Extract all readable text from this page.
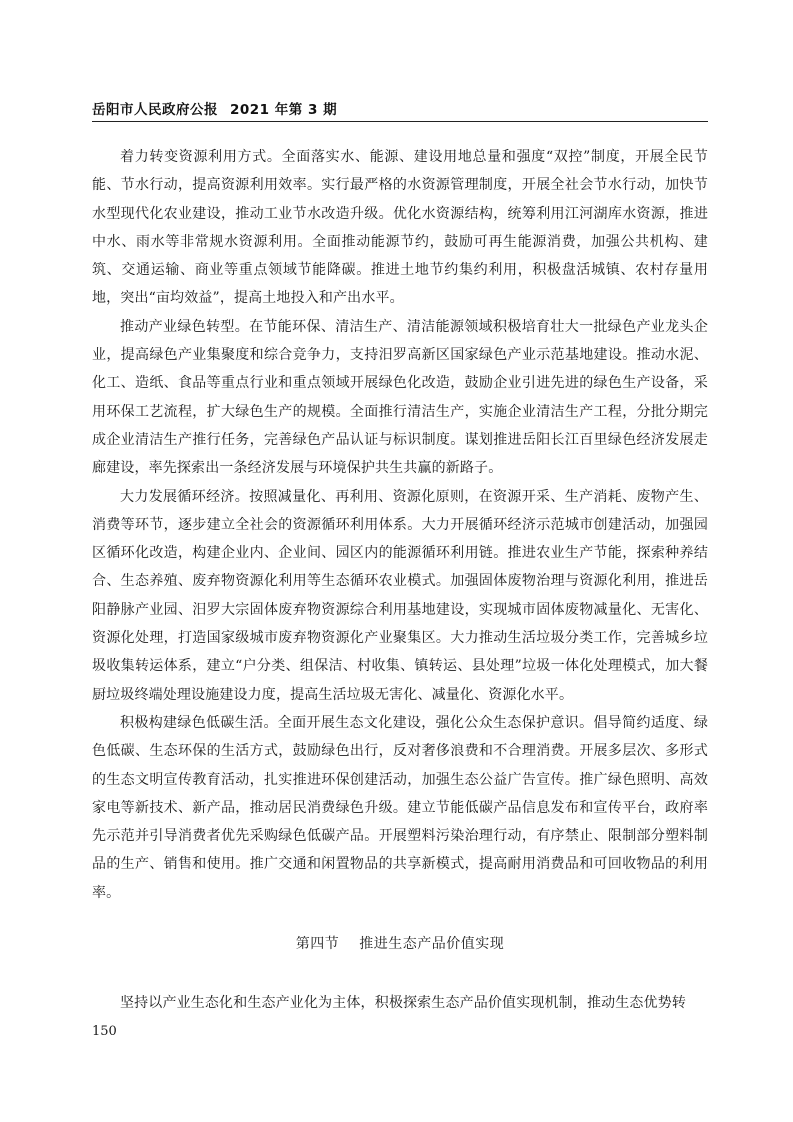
岳阳市人民政府公报 2021 年第 3 期

着力转变资源利用方式。全面落实水、能源、建设用地总量和强度“双控”制度，开展全民节能、节水行动，提高资源利用效率。实行最严格的水资源管理制度，开展全社会节水行动，加快节水型现代化农业建设，推动工业节水改造升级。优化水资源结构，统筹利用江河湖库水资源，推进中水、雨水等非常规水资源利用。全面推动能源节约，鼓励可再生能源消费，加强公共机构、建筑、交通运输、商业等重点领域节能降碳。推进土地节约集约利用，积极盘活城镇、农村存量用地，突出“亩均效益”，提高土地投入和产出水平。

推动产业绿色转型。在节能环保、清洁生产、清洁能源领域积极培育壮大一批绿色产业龙头企业，提高绿色产业集聚度和综合竞争力，支持汨罗高新区国家绿色产业示范基地建设。推动水泥、化工、造纸、食品等重点行业和重点领域开展绿色化改造，鼓励企业引进先进的绿色生产设备，采用环保工艺流程，扩大绿色生产的规模。全面推行清洁生产，实施企业清洁生产工程，分批分期完成企业清洁生产推行任务，完善绿色产品认证与标识制度。谋划推进岳阳长江百里绿色经济发展走廊建设，率先探索出一条经济发展与环境保护共生共赢的新路子。

大力发展循环经济。按照减量化、再利用、资源化原则，在资源开采、生产消耗、废物产生、消费等环节，逐步建立全社会的资源循环利用体系。大力开展循环经济示范城市创建活动，加强园区循环化改造，构建企业内、企业间、园区内的能源循环利用链。推进农业生产节能，探索种养结合、生态养殖、废弃物资源化利用等生态循环农业模式。加强固体废物治理与资源化利用，推进岳阳静脉产业园、汨罗大宗固体废弃物资源综合利用基地建设，实现城市固体废物减量化、无害化、资源化处理，打造国家级城市废弃物资源化产业聚集区。大力推动生活垃圾分类工作，完善城乡垃圾收集转运体系，建立“户分类、组保洁、村收集、镇转运、县处理”垃圾一体化处理模式，加大餐厨垃圾终端处理设施建设力度，提高生活垃圾无害化、减量化、资源化水平。

积极构建绿色低碳生活。全面开展生态文化建设，强化公众生态保护意识。倡导简约适度、绿色低碳、生态环保的生活方式，鼓励绿色出行，反对奢侈浪费和不合理消费。开展多层次、多形式的生态文明宣传教育活动，扎实推进环保创建活动，加强生态公益广告宣传。推广绿色照明、高效家电等新技术、新产品，推动居民消费绿色升级。建立节能低碳产品信息发布和宣传平台，政府率先示范并引导消费者优先采购绿色低碳产品。开展塑料污染治理行动，有序禁止、限制部分塑料制品的生产、销售和使用。推广交通和闲置物品的共享新模式，提高耐用消费品和可回收物品的利用率。

第四节 推进生态产品价值实现
坚持以产业生态化和生态产业化为主体，积极探索生态产品价值实现机制，推动生态优势转
150
